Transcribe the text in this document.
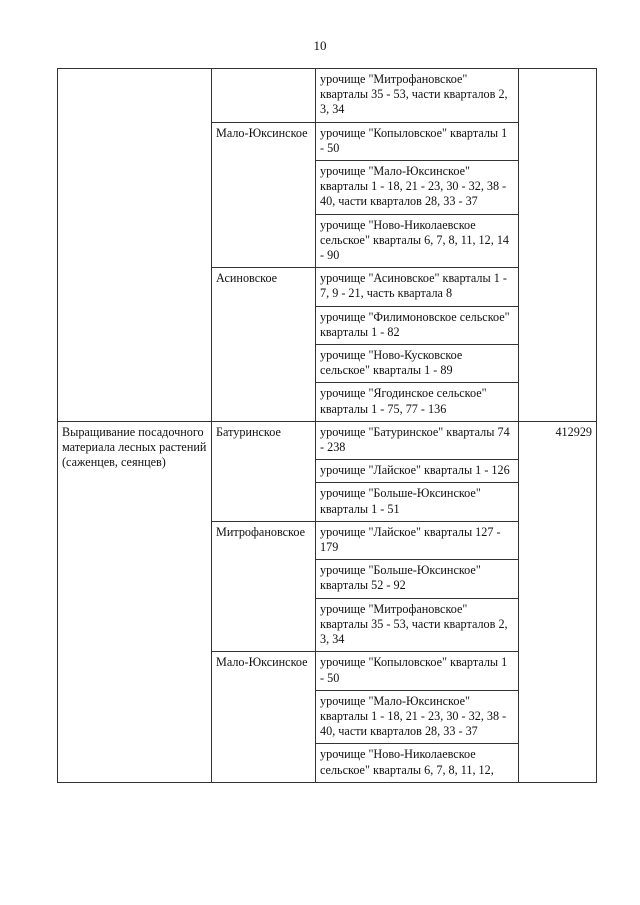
10
		урочище "Митрофановское" кварталы 35 - 53, части кварталов 2, 3, 34	
	Мало-Юксинское	урочище "Копыловское" кварталы 1 - 50	
		урочище "Мало-Юксинское" кварталы 1 - 18, 21 - 23, 30 - 32, 38 - 40, части кварталов 28, 33 - 37	
		урочище "Ново-Николаевское сельское" кварталы 6, 7, 8, 11, 12, 14 - 90	
	Асиновское	урочище "Асиновское" кварталы 1 - 7, 9 - 21, часть квартала 8	
		урочище "Филимоновское сельское" кварталы 1 - 82	
		урочище "Ново-Кусковское сельское" кварталы 1 - 89	
		урочище "Ягодинское сельское" кварталы 1 - 75, 77 - 136	
Выращивание посадочного материала лесных растений (саженцев, сеянцев)	Батуринское	урочище "Батуринское" кварталы 74 - 238	412929
		урочище "Лайское" кварталы 1 - 126	
		урочище "Больше-Юксинское" кварталы 1 - 51	
	Митрофановское	урочище "Лайское" кварталы 127 - 179	
		урочище "Больше-Юксинское" кварталы 52 - 92	
		урочище "Митрофановское" кварталы 35 - 53, части кварталов 2, 3, 34	
	Мало-Юксинское	урочище "Копыловское" кварталы 1 - 50	
		урочище "Мало-Юксинское" кварталы 1 - 18, 21 - 23, 30 - 32, 38 - 40, части кварталов 28, 33 - 37	
		урочище "Ново-Николаевское сельское" кварталы 6, 7, 8, 11, 12,	
